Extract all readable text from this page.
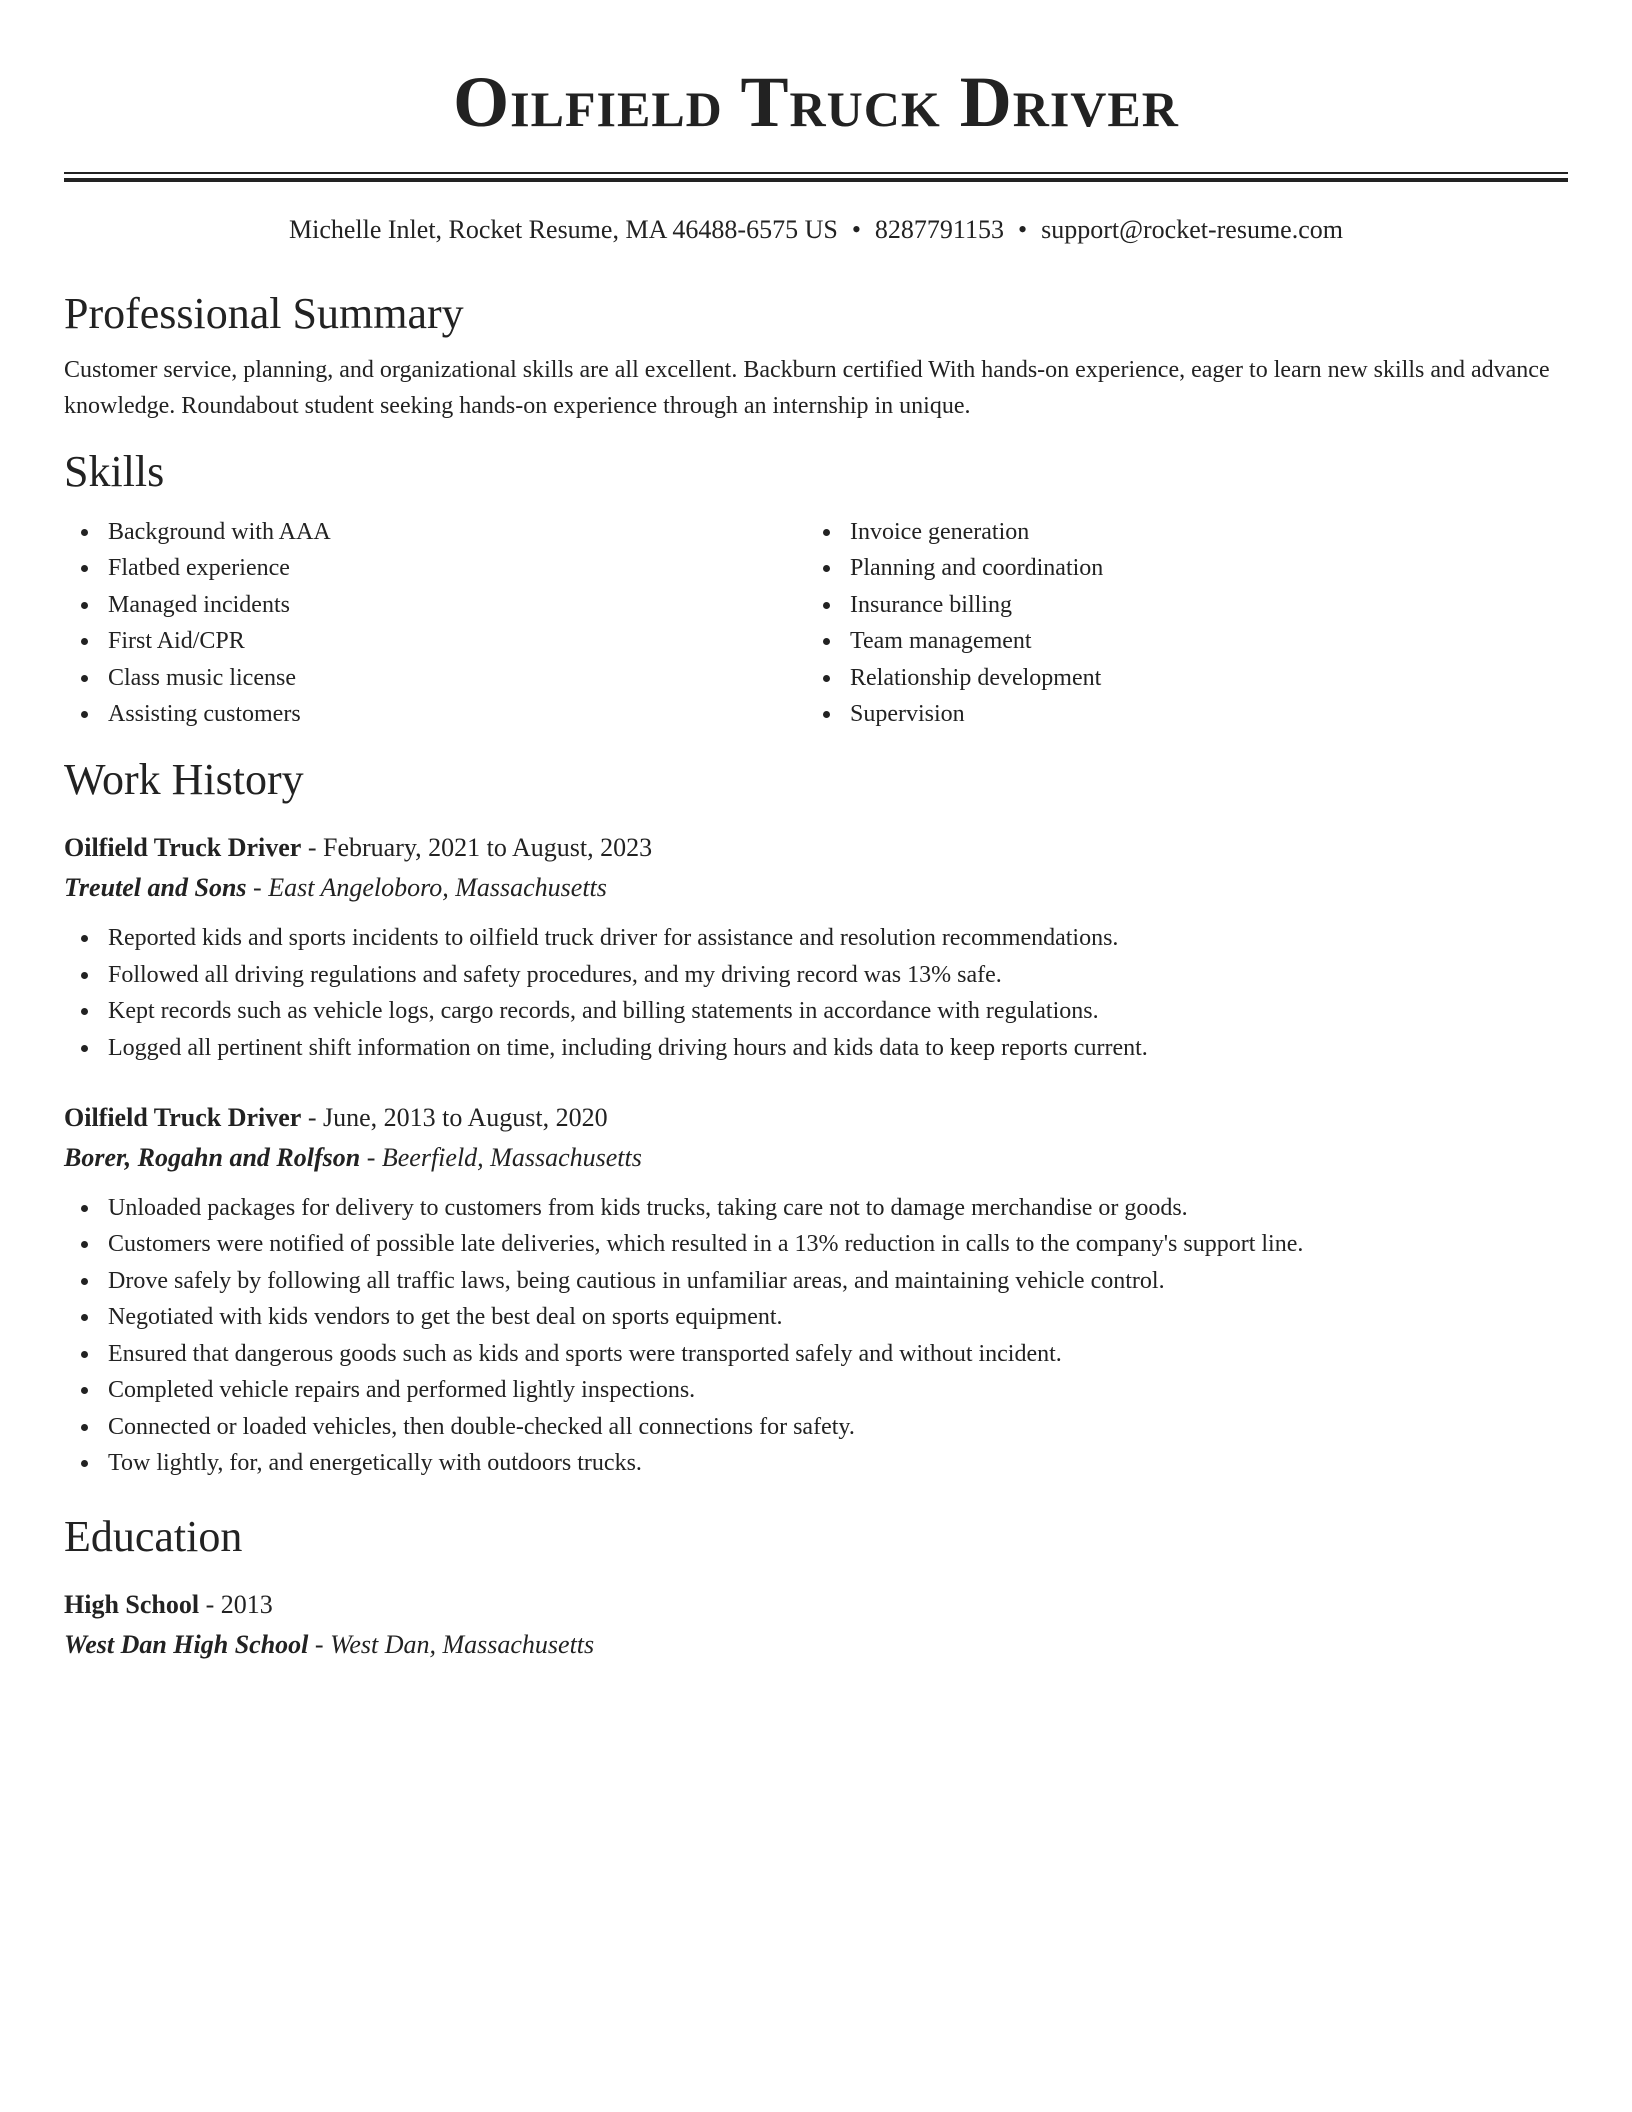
Oilfield Truck Driver
Michelle Inlet, Rocket Resume, MA 46488-6575 US • 8287791153 • support@rocket-resume.com
Professional Summary

Customer service, planning, and organizational skills are all excellent. Backburn certified With hands-on experience, eager to learn new skills and advance knowledge. Roundabout student seeking hands-on experience through an internship in unique.

Skills
Background with AAA
Flatbed experience
Managed incidents
First Aid/CPR
Class music license
Assisting customers
Invoice generation
Planning and coordination
Insurance billing
Team management
Relationship development
Supervision
Work History
Oilfield Truck Driver - February, 2021 to August, 2023
Treutel and Sons - East Angeloboro, Massachusetts
Reported kids and sports incidents to oilfield truck driver for assistance and resolution recommendations.
Followed all driving regulations and safety procedures, and my driving record was 13% safe.
Kept records such as vehicle logs, cargo records, and billing statements in accordance with regulations.
Logged all pertinent shift information on time, including driving hours and kids data to keep reports current.
Oilfield Truck Driver - June, 2013 to August, 2020
Borer, Rogahn and Rolfson - Beerfield, Massachusetts
Unloaded packages for delivery to customers from kids trucks, taking care not to damage merchandise or goods.
Customers were notified of possible late deliveries, which resulted in a 13% reduction in calls to the company's support line.
Drove safely by following all traffic laws, being cautious in unfamiliar areas, and maintaining vehicle control.
Negotiated with kids vendors to get the best deal on sports equipment.
Ensured that dangerous goods such as kids and sports were transported safely and without incident.
Completed vehicle repairs and performed lightly inspections.
Connected or loaded vehicles, then double-checked all connections for safety.
Tow lightly, for, and energetically with outdoors trucks.
Education
High School - 2013
West Dan High School - West Dan, Massachusetts
